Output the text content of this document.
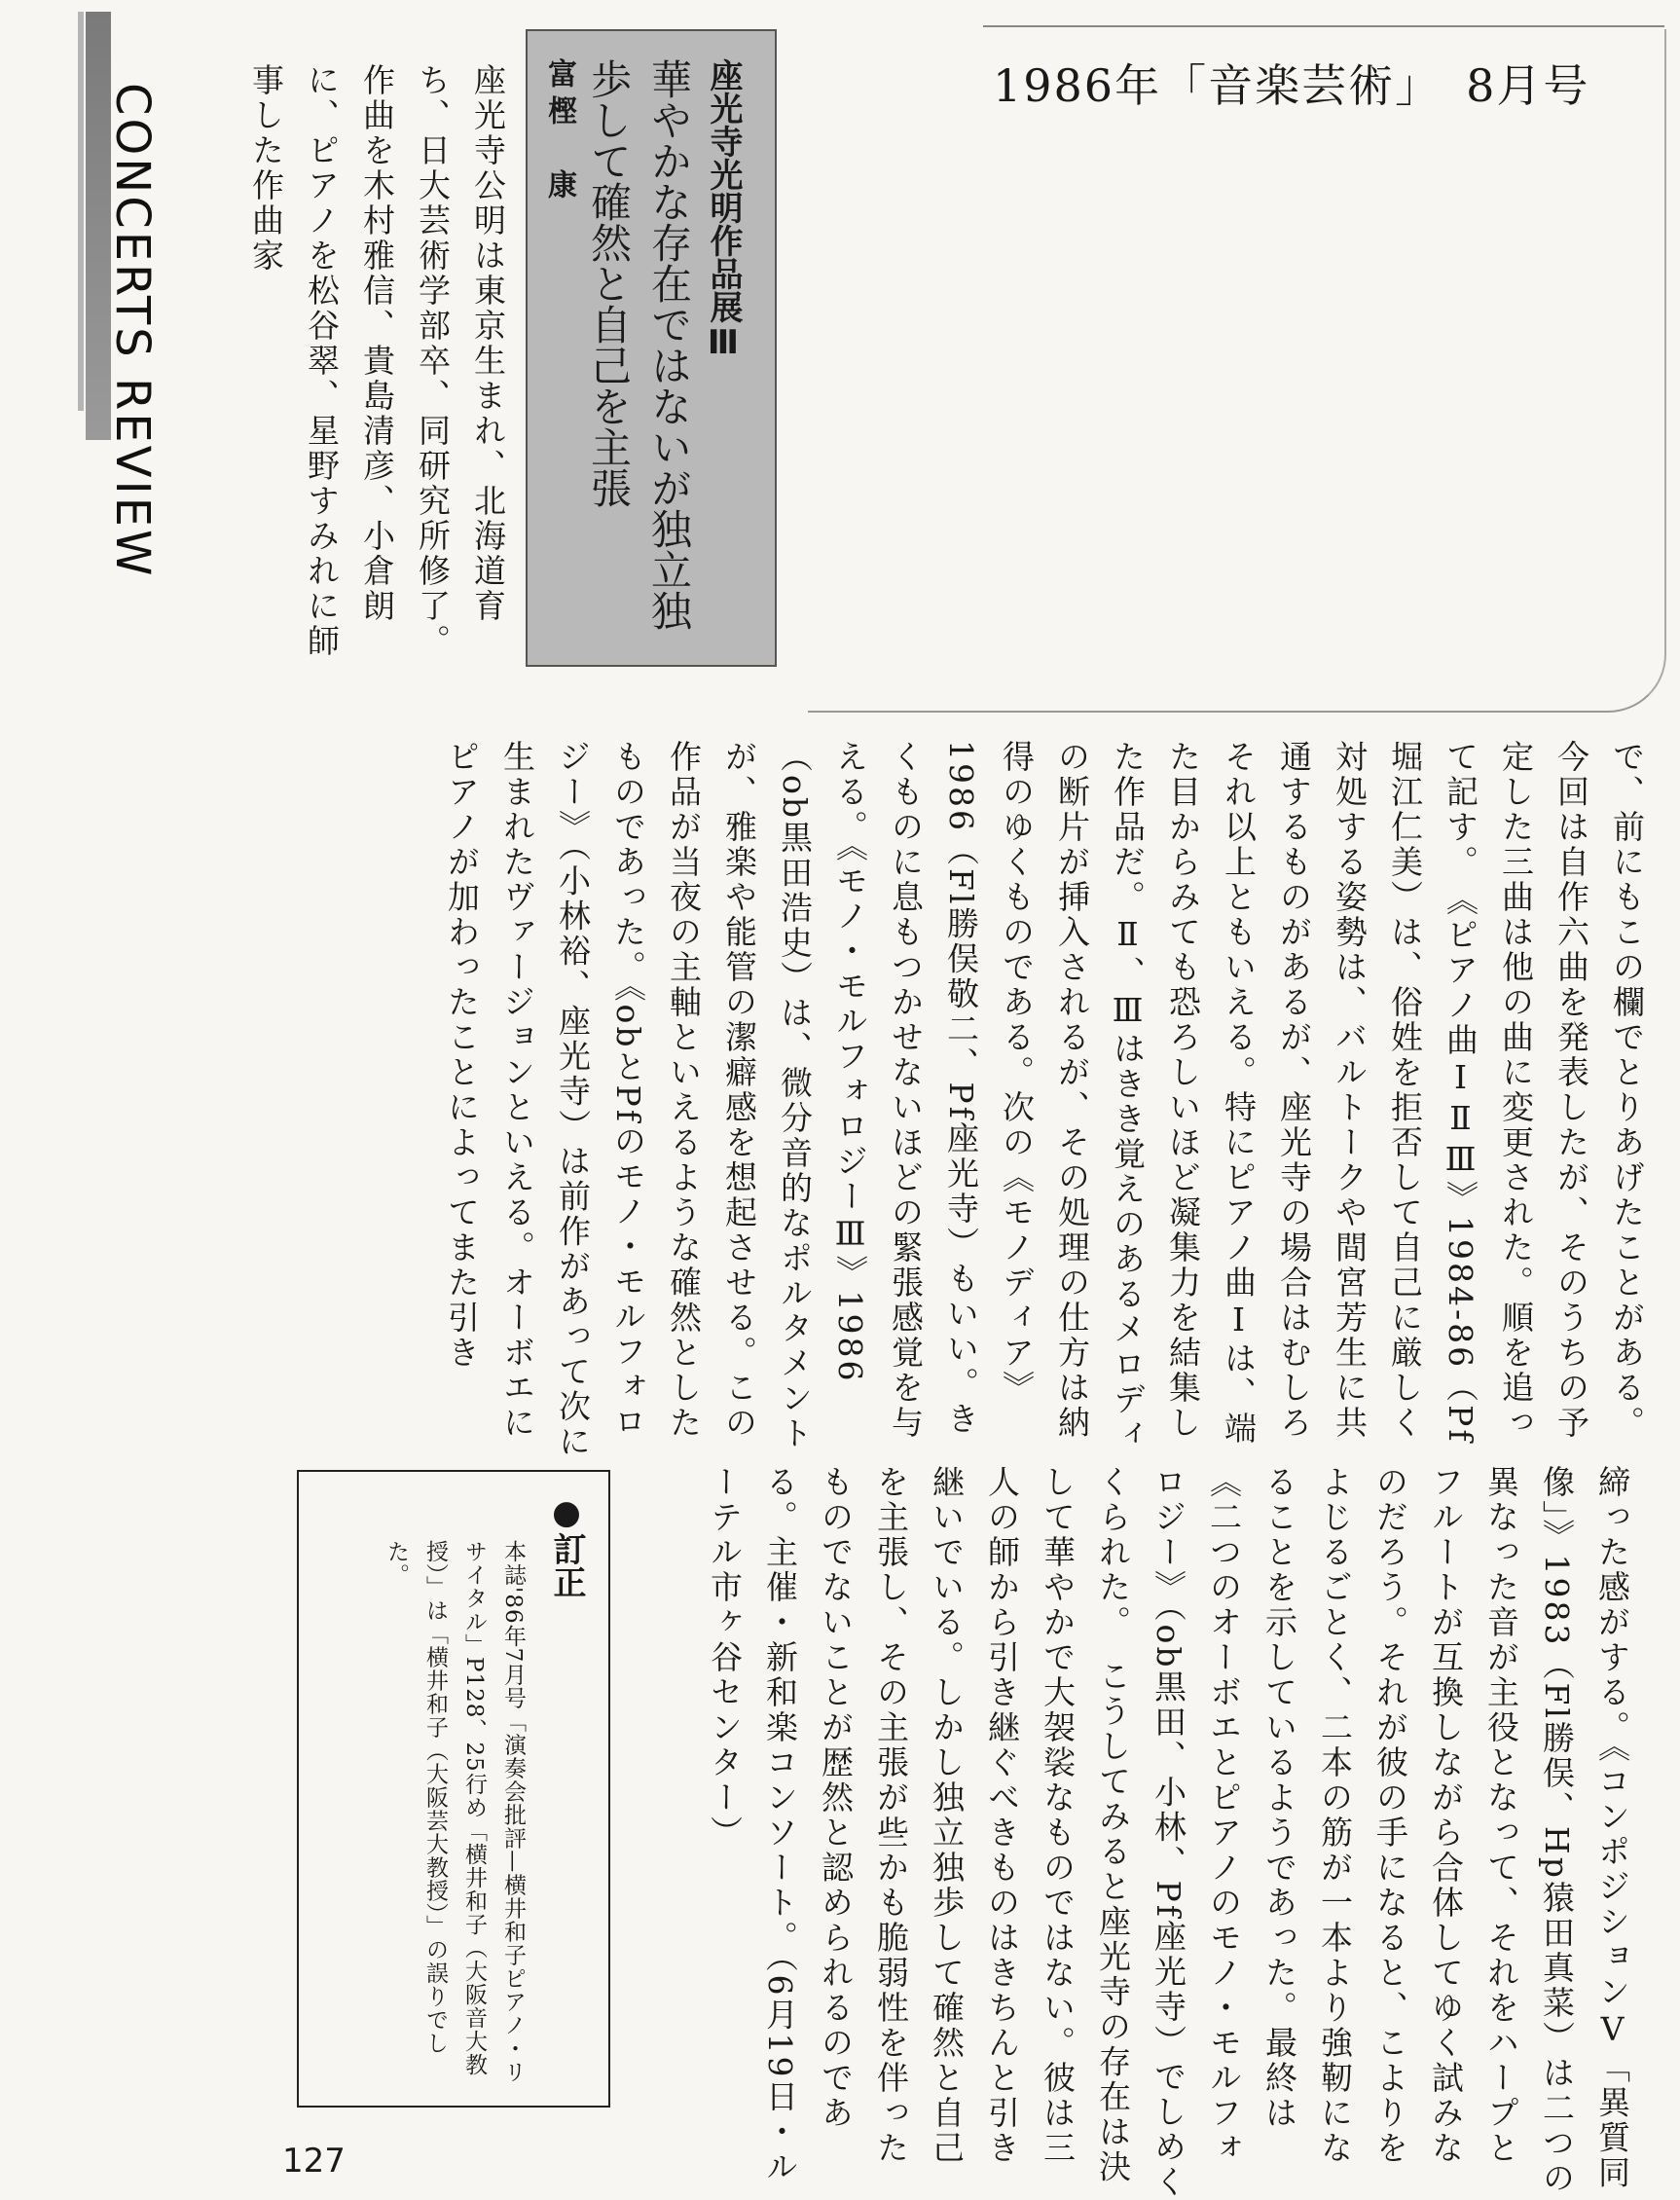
CONCERTS REVIEW	1986年「音楽芸術」　8月号
座光寺光明作品展Ⅲ
華やかな存在ではないが独立独歩して確然と自己を主張
富樫　康
座光寺公明は東京生まれ、北海道育ち、日大芸術学部卒、同研究所修了。作曲を木村雅信、貴島清彦、小倉朗に、ピアノを松谷翠、星野すみれに師事した作曲家
で、前にもこの欄でとりあげたことがある。今回は自作六曲を発表したが、そのうちの予定した三曲は他の曲に変更された。順を追って記す。　《ピアノ曲ⅠⅡⅢ》1984-86（Pf堀江仁美）は、俗姓を拒否して自己に厳しく対処する姿勢は、バルトークや間宮芳生に共通するものがあるが、座光寺の場合はむしろそれ以上ともいえる。特にピアノ曲Ⅰは、端た目からみても恐ろしいほど凝集力を結集した作品だ。Ⅱ、Ⅲはきき覚えのあるメロディの断片が挿入されるが、その処理の仕方は納得のゆくものである。次の《モノディア》1986（Fl勝俣敬二、Pf座光寺）もいい。きくものに息もつかせないほどの緊張感覚を与える。《モノ・モルフォロジーⅢ》1986（ob黒田浩史）は、微分音的なポルタメントが、雅楽や能管の潔癖感を想起させる。この作品が当夜の主軸といえるような確然としたものであった。《obとPfのモノ・モルフォロジー》（小林裕、座光寺）は前作があって次に生まれたヴァージョンといえる。オーボエにピアノが加わったことによってまた引き
締った感がする。《コンポジションⅤ「異質同像」》1983（Fl勝俣、Hp猿田真菜）は二つの異なった音が主役となって、それをハープとフルートが互換しながら合体してゆく試みなのだろう。それが彼の手になると、こよりをよじるごとく、二本の筋が一本より強靭になることを示しているようであった。最終は《二つのオーボエとピアノのモノ・モルフォロジー》（ob黒田、小林、Pf座光寺）でしめくくられた。　こうしてみると座光寺の存在は決して華やかで大袈裟なものではない。彼は三人の師から引き継ぐべきものはきちんと引き継いでいる。しかし独立独歩して確然と自己を主張し、その主張が些かも脆弱性を伴ったものでないことが歴然と認められるのである。主催・新和楽コンソート。（6月19日・ルーテル市ヶ谷センター）
●訂正
本誌'86年7月号「演奏会批評—横井和子ピアノ・リサイタル」P128、25行め「横井和子（大阪音大教授）」は「横井和子（大阪芸大教授）」の誤りでした。
127
